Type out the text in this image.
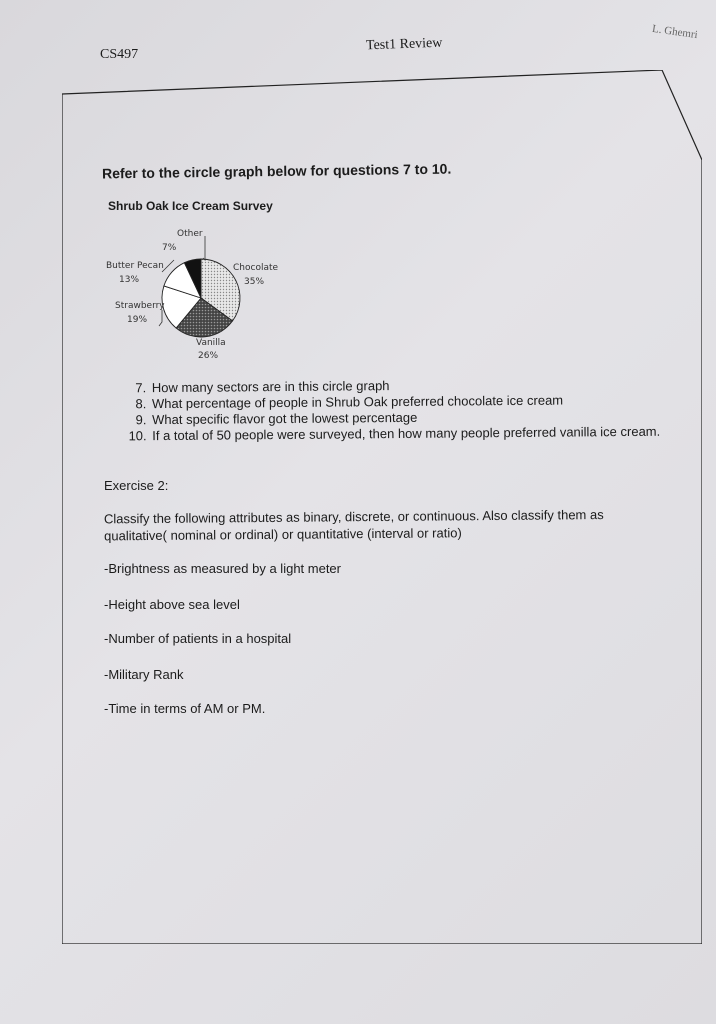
CS497
Test1 Review
L. Ghemri
Refer to the circle graph below for questions 7 to 10.
Shrub Oak Ice Cream Survey
Other
7%
Butter Pecan
13%
Chocolate
35%
Strawberry
19%
Vanilla
26%
7. How many sectors are in this circle graph
8. What percentage of people in Shrub Oak preferred chocolate ice cream
9. What specific flavor got the lowest percentage
10. If a total of 50 people were surveyed, then how many people preferred vanilla ice cream.
Exercise 2:
Classify the following attributes as binary, discrete, or continuous. Also classify them as qualitative( nominal or ordinal) or quantitative (interval or ratio)
-Brightness as measured by a light meter
-Height above sea level
-Number of patients in a hospital
-Military Rank
-Time in terms of AM or PM.
